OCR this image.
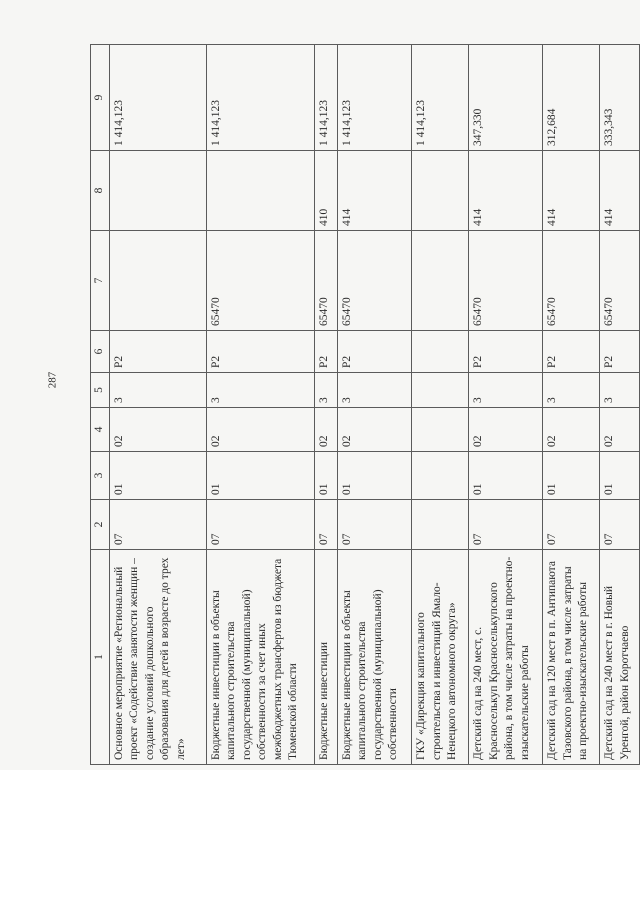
287
1	2	3	4	5	6	7	8	9
Основное мероприятие «Региональный проект «Содействие занятости женщин – создание условий дошкольного образования для детей в возрасте до трех лет»	07	01	02	3	Р2			1 414,123
Бюджетные инвестиции в объекты капитального строительства государственной (муниципальной) собственности за счет иных межбюджетных трансфертов из бюджета Тюменской области	07	01	02	3	Р2	65470		1 414,123
Бюджетные инвестиции	07	01	02	3	Р2	65470	410	1 414,123
Бюджетные инвестиции в объекты капитального строительства государственной (муниципальной) собственности	07	01	02	3	Р2	65470	414	1 414,123
ГКУ «Дирекция капитального строительства и инвестиций Ямало-Ненецкого автономного округа»								1 414,123
Детский сад на 240 мест, с. Красноселькуп Красноселькупского района, в том числе затраты на проектно-изыскательские работы	07	01	02	3	Р2	65470	414	347,330
Детский сад на 120 мест в п. Антипаюта Тазовского района, в том числе затраты на проектно-изыскательские работы	07	01	02	3	Р2	65470	414	312,684
Детский сад на 240 мест в г. Новый Уренгой, район Коротчаево	07	01	02	3	Р2	65470	414	333,343
